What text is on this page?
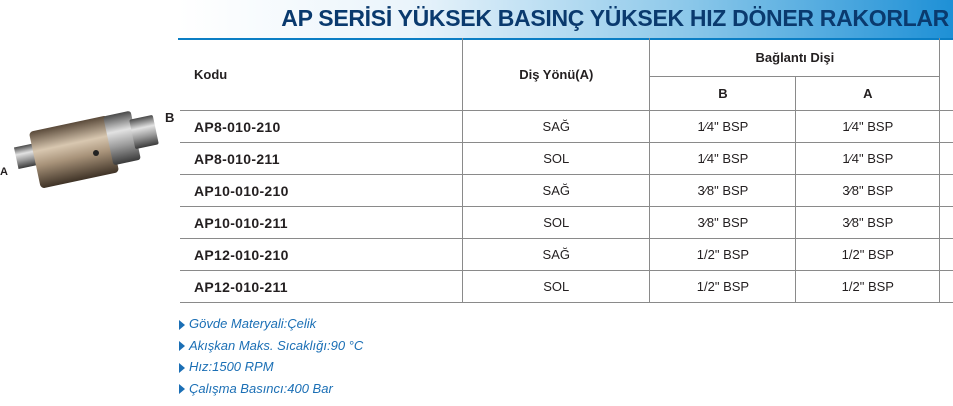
B
A
AP SERİSİ YÜKSEK BASINÇ YÜKSEK HIZ DÖNER RAKORLAR
Kodu	Diş Yönü(A)	Bağlantı Dişi		
		B	A	
AP8-010-210	SAĞ	1⁄4" BSP	1⁄4" BSP	
AP8-010-211	SOL	1⁄4" BSP	1⁄4" BSP	
AP10-010-210	SAĞ	3⁄8" BSP	3⁄8" BSP	
AP10-010-211	SOL	3⁄8" BSP	3⁄8" BSP	
AP12-010-210	SAĞ	1/2" BSP	1/2" BSP	
AP12-010-211	SOL	1/2" BSP	1/2" BSP	
Gövde Materyali:Çelik
Akışkan Maks. Sıcaklığı:90 °C
Hız:1500 RPM
Çalışma Basıncı:400 Bar
